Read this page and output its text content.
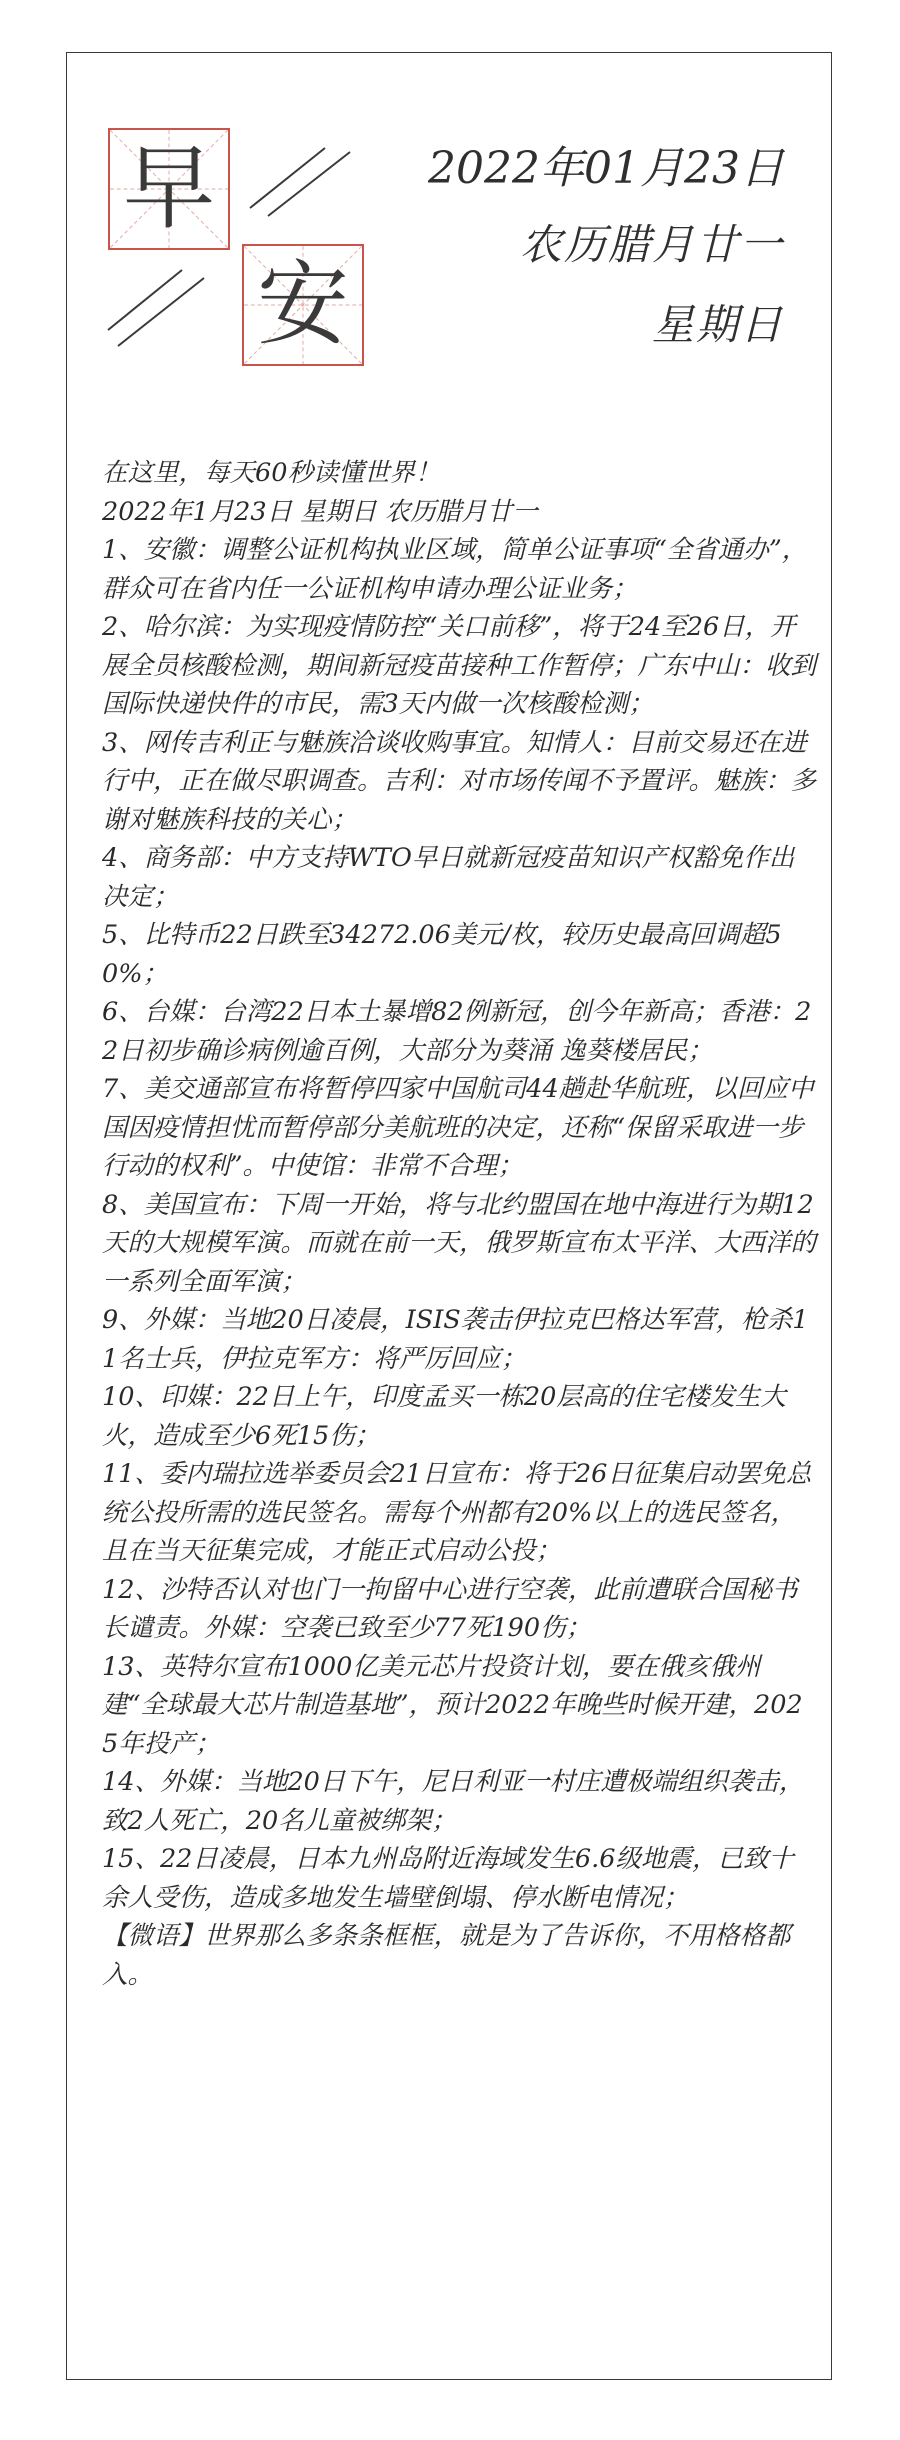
早
安
2022年01月23日
农历腊月廿一
星期日

在这里，每天60秒读懂世界！

2022年1月23日 星期日 农历腊月廿一

1、安徽：调整公证机构执业区域，简单公证事项“全省通办”，群众可在省内任一公证机构申请办理公证业务；

2、哈尔滨：为实现疫情防控“关口前移”，将于24至26日，开展全员核酸检测，期间新冠疫苗接种工作暂停；广东中山：收到国际快递快件的市民，需3天内做一次核酸检测；

3、网传吉利正与魅族洽谈收购事宜。知情人：目前交易还在进行中，正在做尽职调查。吉利：对市场传闻不予置评。魅族：多谢对魅族科技的关心；

4、商务部：中方支持WTO早日就新冠疫苗知识产权豁免作出决定；

5、比特币22日跌至34272.06美元/枚，较历史最高回调超50%；

6、台媒：台湾22日本土暴增82例新冠，创今年新高；香港：22日初步确诊病例逾百例，大部分为葵涌 逸葵楼居民；

7、美交通部宣布将暂停四家中国航司44趟赴华航班，以回应中国因疫情担忧而暂停部分美航班的决定，还称“保留采取进一步行动的权利”。中使馆：非常不合理；

8、美国宣布：下周一开始，将与北约盟国在地中海进行为期12天的大规模军演。而就在前一天，俄罗斯宣布太平洋、大西洋的一系列全面军演；

9、外媒：当地20日凌晨，ISIS袭击伊拉克巴格达军营，枪杀11名士兵，伊拉克军方：将严厉回应；

10、印媒：22日上午，印度孟买一栋20层高的住宅楼发生大火，造成至少6死15伤；

11、委内瑞拉选举委员会21日宣布：将于26日征集启动罢免总统公投所需的选民签名。需每个州都有20%以上的选民签名，且在当天征集完成，才能正式启动公投；

12、沙特否认对也门一拘留中心进行空袭，此前遭联合国秘书长谴责。外媒：空袭已致至少77死190伤；

13、英特尔宣布1000亿美元芯片投资计划，要在俄亥俄州建“全球最大芯片制造基地”，预计2022年晚些时候开建，2025年投产；

14、外媒：当地20日下午，尼日利亚一村庄遭极端组织袭击，致2人死亡，20名儿童被绑架；

15、22日凌晨，日本九州岛附近海域发生6.6级地震，已致十余人受伤，造成多地发生墙壁倒塌、停水断电情况；

【微语】世界那么多条条框框，就是为了告诉你，不用格格都入。
